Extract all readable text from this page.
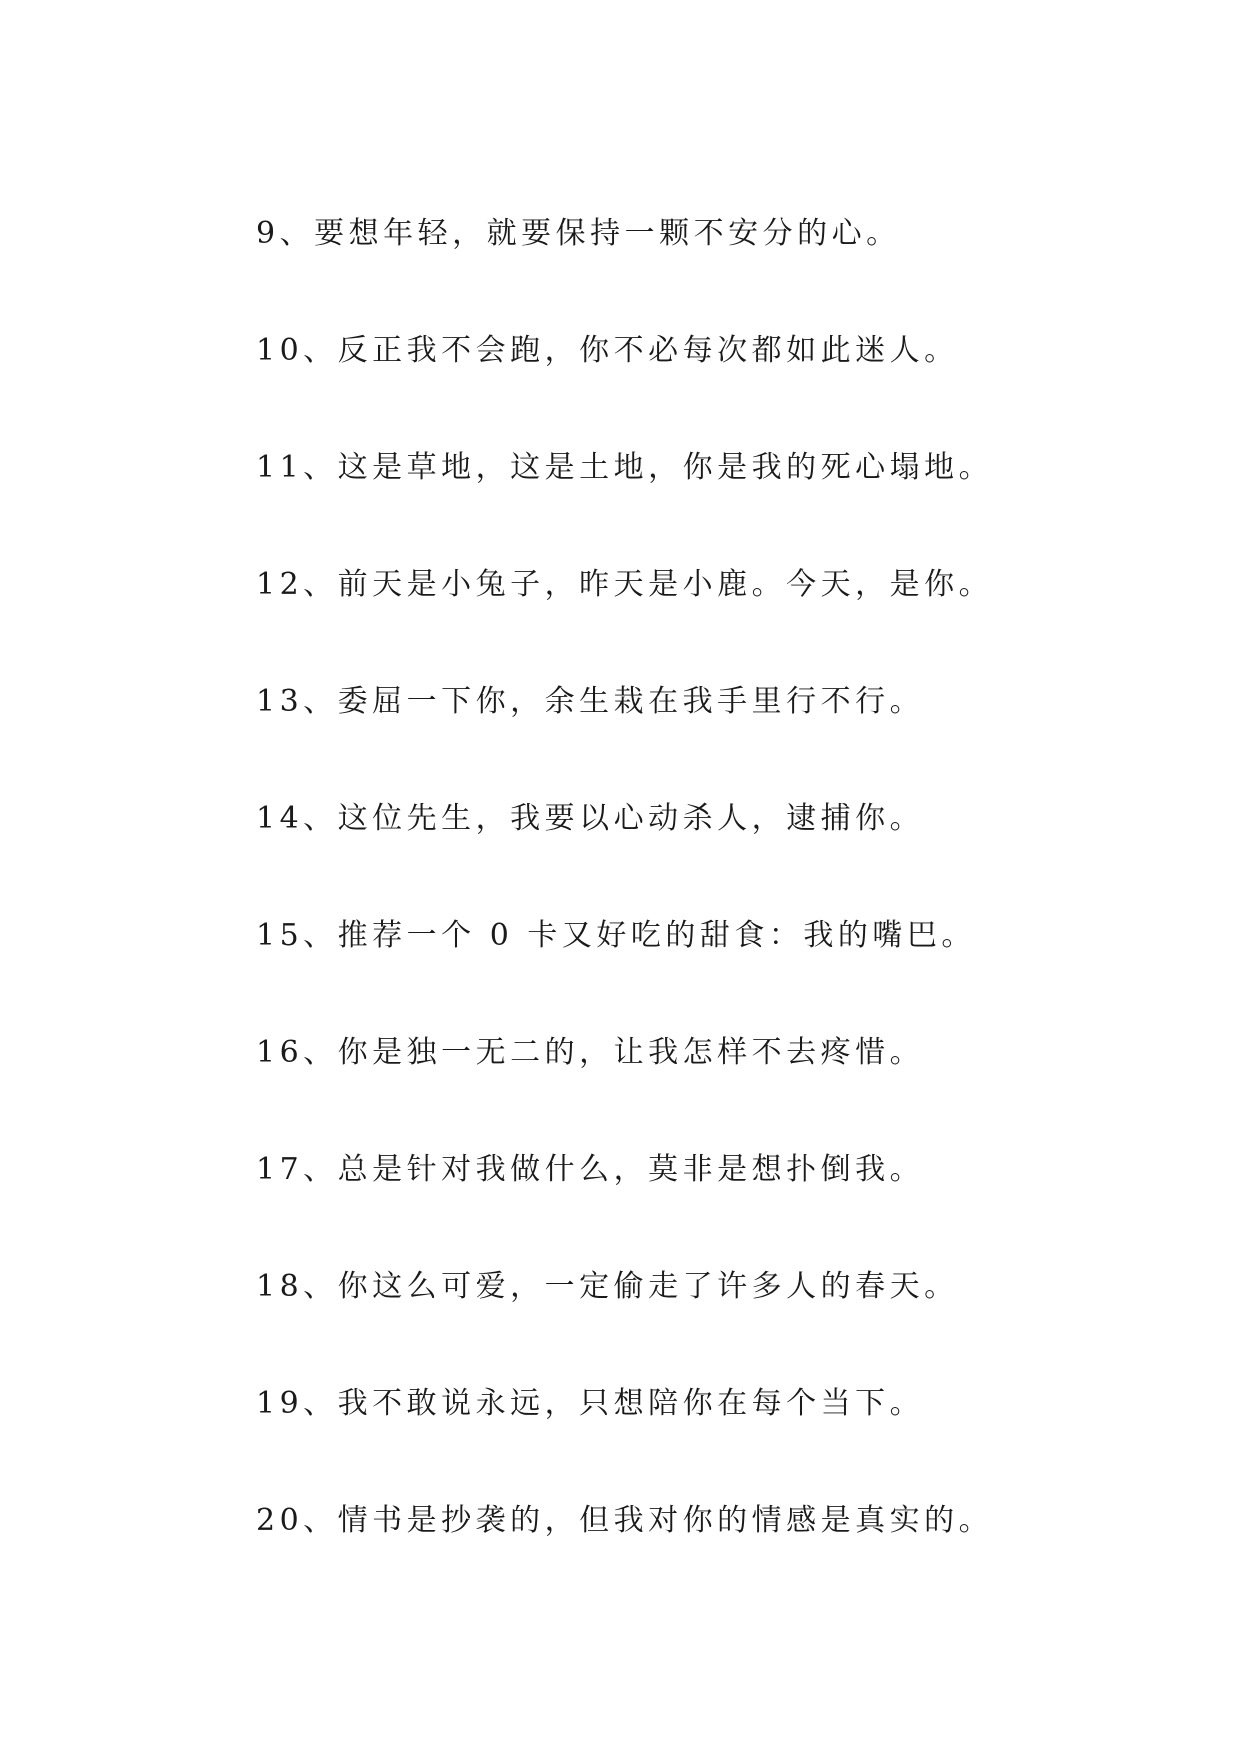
9、要想年轻，就要保持一颗不安分的心。
10、反正我不会跑，你不必每次都如此迷人。
11、这是草地，这是土地，你是我的死心塌地。
12、前天是小兔子，昨天是小鹿。今天，是你。
13、委屈一下你，余生栽在我手里行不行。
14、这位先生，我要以心动杀人，逮捕你。
15、推荐一个 0 卡又好吃的甜食：我的嘴巴。
16、你是独一无二的，让我怎样不去疼惜。
17、总是针对我做什么，莫非是想扑倒我。
18、你这么可爱，一定偷走了许多人的春天。
19、我不敢说永远，只想陪你在每个当下。
20、情书是抄袭的，但我对你的情感是真实的。
